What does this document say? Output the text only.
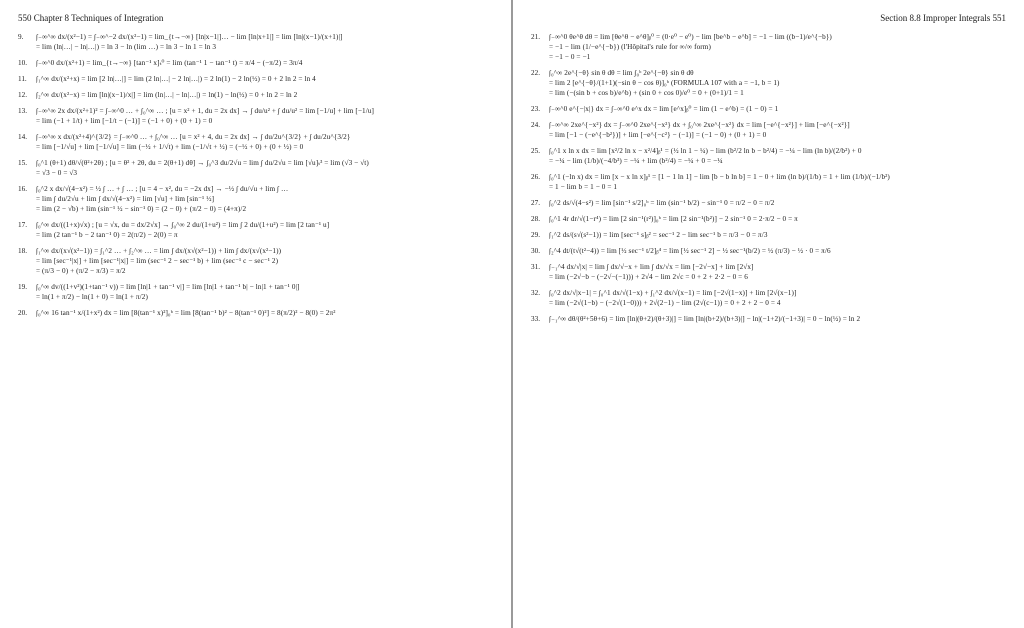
550 Chapter 8 Techniques of Integration
9.	∫₋∞^∞ dx/(x²−1) = ∫₋∞^−2 dx/(x²−1) = lim_{t→−∞} [ln|x−1|]… − lim [ln|x+1|] = lim [ln|(x−1)/(x+1)|]
= lim (ln|…| − ln|…|) = ln 3 − ln (lim …) = ln 3 − ln 1 = ln 3
10.	∫₋∞^0 dx/(x²+1) = lim_{t→−∞} [tan⁻¹ x]ₜ⁰ = lim (tan⁻¹ 1 − tan⁻¹ t) = π/4 − (−π/2) = 3π/4
11.	∫₁^∞ dx/(x²+x) = lim [2 ln|…|] = lim (2 ln|…| − 2 ln|…|) = 2 ln(1) − 2 ln(½) = 0 + 2 ln 2 = ln 4
12.	∫₂^∞ dx/(x²−x) = lim [ln|(x−1)/x|] = lim (ln|…| − ln|…|) = ln(1) − ln(½) = 0 + ln 2 = ln 2
13.	∫₋∞^∞ 2x dx/(x²+1)² = ∫₋∞^0 … + ∫₀^∞ … ; [u = x² + 1, du = 2x dx] → ∫ du/u² + ∫ du/u² = lim [−1/u] + lim [−1/u]
= lim (−1 + 1/t) + lim [−1/t − (−1)] = (−1 + 0) + (0 + 1) = 0
14.	∫₋∞^∞ x dx/(x²+4)^{3/2} = ∫₋∞^0 … + ∫₀^∞ … [u = x² + 4, du = 2x dx] → ∫ du/2u^{3/2} + ∫ du/2u^{3/2}
= lim [−1/√u] + lim [−1/√u] = lim (−½ + 1/√t) + lim (−1/√t + ½) = (−½ + 0) + (0 + ½) = 0
15.	∫₀^1 (θ+1) dθ/√(θ²+2θ) ; [u = θ² + 2θ, du = 2(θ+1) dθ] → ∫₀^3 du/2√u = lim ∫ du/2√u = lim [√u]ₜ³ = lim (√3 − √t)
= √3 − 0 = √3
16.	∫₀^2 x dx/√(4−x²) = ½ ∫ … + ∫ … ; [u = 4 − x², du = −2x dx] → −½ ∫ du/√u + lim ∫ …
= lim ∫ du/2√u + lim ∫ dx/√(4−x²) = lim [√u] + lim [sin⁻¹ ½]
= lim (2 − √b) + lim (sin⁻¹ ½ − sin⁻¹ 0) = (2 − 0) + (π/2 − 0) = (4+π)/2
17.	∫₀^∞ dx/((1+x)√x) ; [u = √x, du = dx/2√x] → ∫₀^∞ 2 du/(1+u²) = lim ∫ 2 du/(1+u²) = lim [2 tan⁻¹ u]
= lim (2 tan⁻¹ b − 2 tan⁻¹ 0) = 2(π/2) − 2(0) = π
18.	∫₁^∞ dx/(x√(x²−1)) = ∫₁^2 … + ∫₂^∞ … = lim ∫ dx/(x√(x²−1)) + lim ∫ dx/(x√(x²−1))
= lim [sec⁻¹|x|] + lim [sec⁻¹|x|] = lim (sec⁻¹ 2 − sec⁻¹ b) + lim (sec⁻¹ c − sec⁻¹ 2)
= (π/3 − 0) + (π/2 − π/3) = π/2
19.	∫₀^∞ dv/((1+v²)(1+tan⁻¹ v)) = lim [ln|1 + tan⁻¹ v|] = lim [ln|1 + tan⁻¹ b| − ln|1 + tan⁻¹ 0|]
= ln(1 + π/2) − ln(1 + 0) = ln(1 + π/2)
20.	∫₀^∞ 16 tan⁻¹ x/(1+x²) dx = lim [8(tan⁻¹ x)²]₀ᵇ = lim [8(tan⁻¹ b)² − 8(tan⁻¹ 0)²] = 8(π/2)² − 8(0) = 2π²
Section 8.8 Improper Integrals 551
21.	∫₋∞^0 θe^θ dθ = lim [θe^θ − e^θ]ᵦ⁰ = (0·e⁰ − e⁰) − lim [be^b − e^b] = −1 − lim ((b−1)/e^{−b})
= −1 − lim (1/−e^{−b}) (l'Hôpital's rule for ∞/∞ form)
= −1 − 0 = −1
22.	∫₀^∞ 2e^{−θ} sin θ dθ = lim ∫₀ᵇ 2e^{−θ} sin θ dθ
= lim 2 [e^{−θ}/(1+1)(−sin θ − cos θ)]₀ᵇ (FORMULA 107 with a = −1, b = 1)
= lim (−(sin b + cos b)/e^b) + (sin 0 + cos 0)/e⁰ = 0 + (0+1)/1 = 1
23.	∫₋∞^0 e^{−|x|} dx = ∫₋∞^0 e^x dx = lim [e^x]ᵦ⁰ = lim (1 − e^b) = (1 − 0) = 1
24.	∫₋∞^∞ 2xe^{−x²} dx = ∫₋∞^0 2xe^{−x²} dx + ∫₀^∞ 2xe^{−x²} dx = lim [−e^{−x²}] + lim [−e^{−x²}]
= lim [−1 − (−e^{−b²})] + lim [−e^{−c²} − (−1)] = (−1 − 0) + (0 + 1) = 0
25.	∫₀^1 x ln x dx = lim [x²/2 ln x − x²/4]ᵦ¹ = (½ ln 1 − ¼) − lim (b²/2 ln b − b²/4) = −¼ − lim (ln b)/(2/b²) + 0
= −¼ − lim (1/b)/(−4/b³) = −¼ + lim (b²/4) = −¼ + 0 = −¼
26.	∫₀^1 (−ln x) dx = lim [x − x ln x]ᵦ¹ = [1 − 1 ln 1] − lim [b − b ln b] = 1 − 0 + lim (ln b)/(1/b) = 1 + lim (1/b)/(−1/b²)
= 1 − lim b = 1 − 0 = 1
27.	∫₀^2 ds/√(4−s²) = lim [sin⁻¹ s/2]₀ᵇ = lim (sin⁻¹ b/2) − sin⁻¹ 0 = π/2 − 0 = π/2
28.	∫₀^1 4r dr/√(1−r⁴) = lim [2 sin⁻¹(r²)]₀ᵇ = lim [2 sin⁻¹(b²)] − 2 sin⁻¹ 0 = 2·π/2 − 0 = π
29.	∫₁^2 ds/(s√(s²−1)) = lim [sec⁻¹ s]ᵦ² = sec⁻¹ 2 − lim sec⁻¹ b = π/3 − 0 = π/3
30.	∫₂^4 dt/(t√(t²−4)) = lim [½ sec⁻¹ t/2]ᵦ⁴ = lim [½ sec⁻¹ 2] − ½ sec⁻¹(b/2) = ½ (π/3) − ½ · 0 = π/6
31.	∫₋₁^4 dx/√|x| = lim ∫ dx/√−x + lim ∫ dx/√x = lim [−2√−x] + lim [2√x]
= lim (−2√−b − (−2√−(−1))) + 2√4 − lim 2√c = 0 + 2 + 2·2 − 0 = 6
32.	∫₀^2 dx/√|x−1| = ∫₀^1 dx/√(1−x) + ∫₁^2 dx/√(x−1) = lim [−2√(1−x)] + lim [2√(x−1)]
= lim (−2√(1−b) − (−2√(1−0))) + 2√(2−1) − lim (2√(c−1)) = 0 + 2 + 2 − 0 = 4
33.	∫₋₁^∞ dθ/(θ²+5θ+6) = lim [ln|(θ+2)/(θ+3)|] = lim [ln|(b+2)/(b+3)|] − ln|(−1+2)/(−1+3)| = 0 − ln(½) = ln 2
